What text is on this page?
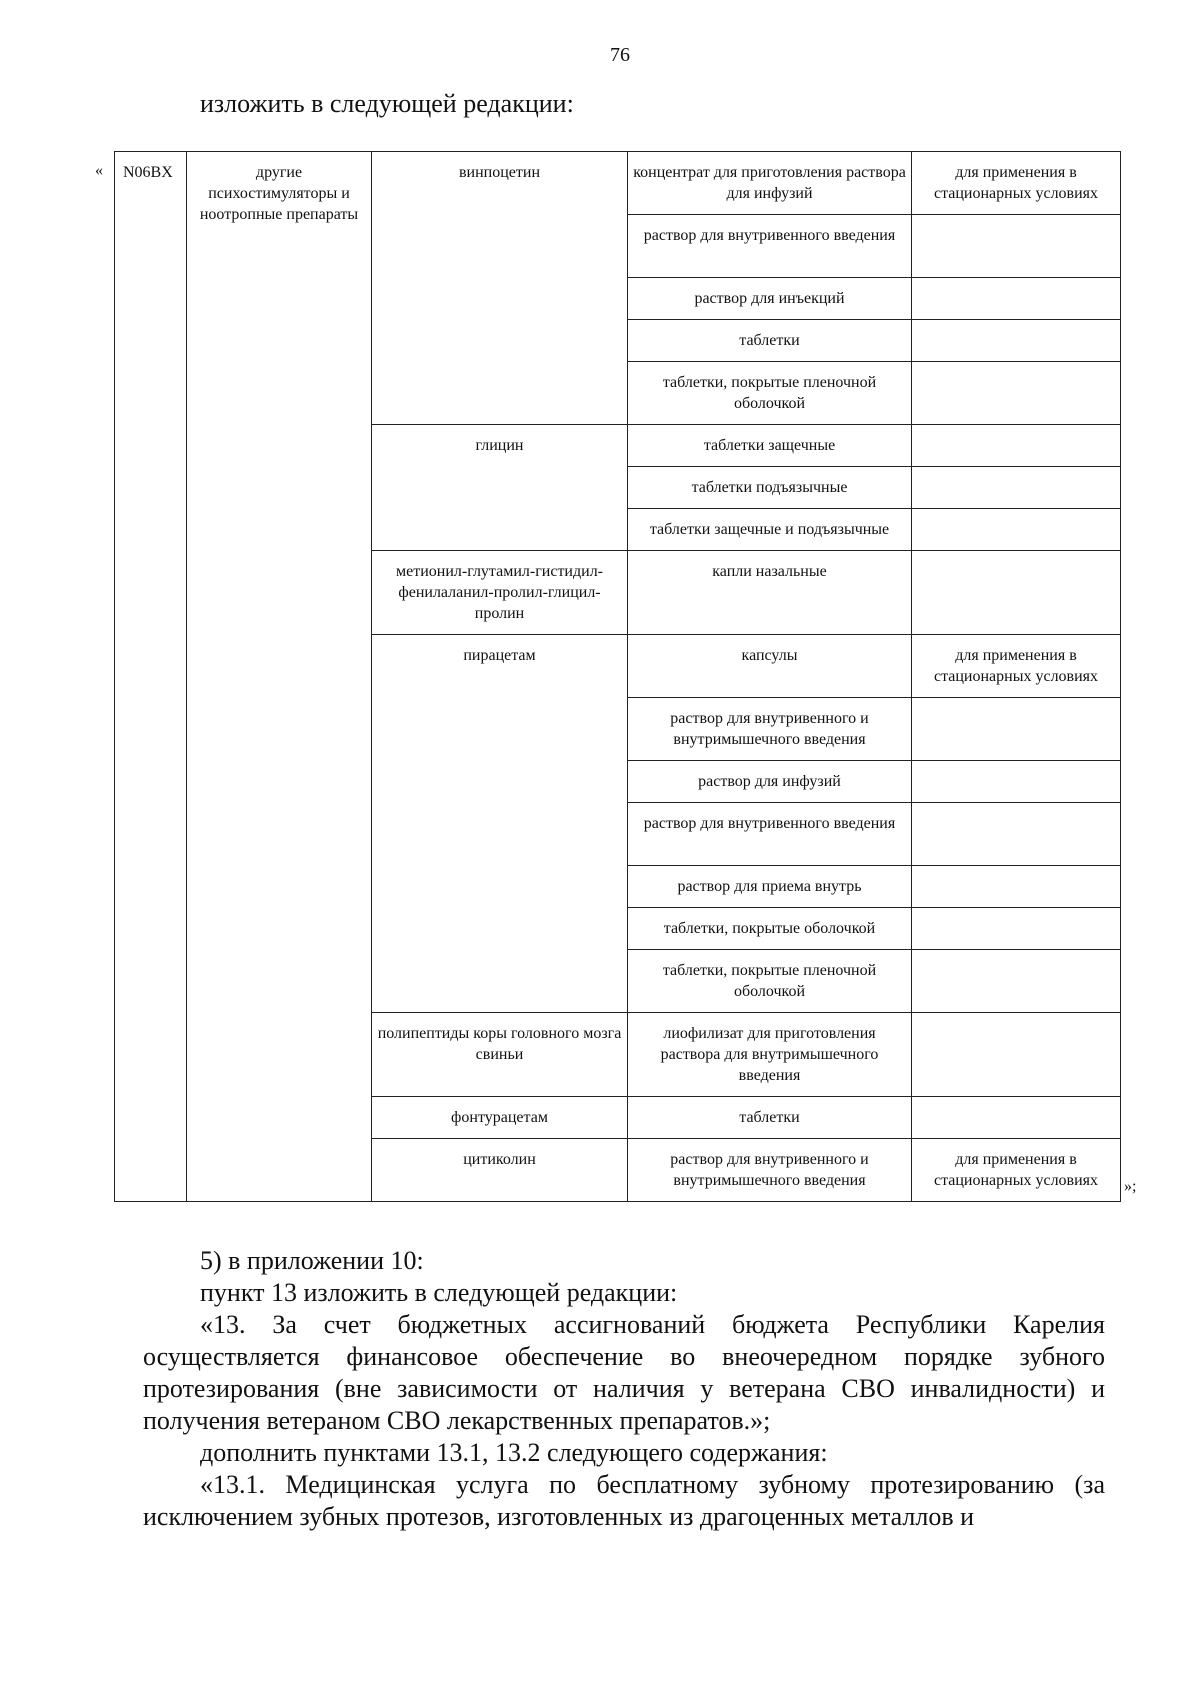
76
изложить в следующей редакции:
« N06BX	другие психостимуляторы и ноотропные препараты	винпоцетин	концентрат для приготовления раствора для инфузий	для применения в стационарных условиях
			раствор для внутривенного введения	
			раствор для инъекций	
			таблетки	
			таблетки, покрытые пленочной оболочкой	
		глицин	таблетки защечные	
			таблетки подъязычные	
			таблетки защечные и подъязычные	
		метионил-глутамил-гистидил-фенилаланил-пролил-глицил-пролин	капли назальные	
		пирацетам	капсулы	для применения в стационарных условиях
			раствор для внутривенного и внутримышечного введения	
			раствор для инфузий	
			раствор для внутривенного введения	
			раствор для приема внутрь	
			таблетки, покрытые оболочкой	
			таблетки, покрытые пленочной оболочкой	
		полипептиды коры головного мозга свиньи	лиофилизат для приготовления раствора для внутримышечного введения	
		фонтурацетам	таблетки	
		цитиколин	раствор для внутривенного и внутримышечного введения	для применения в стационарных условиях »;

5) в приложении 10:

пункт 13 изложить в следующей редакции:

«13. За счет бюджетных ассигнований бюджета Республики Карелия осуществляется финансовое обеспечение во внеочередном порядке зубного протезирования (вне зависимости от наличия у ветерана СВО инвалидности) и получения ветераном СВО лекарственных препаратов.»;

дополнить пунктами 13.1, 13.2 следующего содержания:

«13.1. Медицинская услуга по бесплатному зубному протезированию (за исключением зубных протезов, изготовленных из драгоценных металлов и
